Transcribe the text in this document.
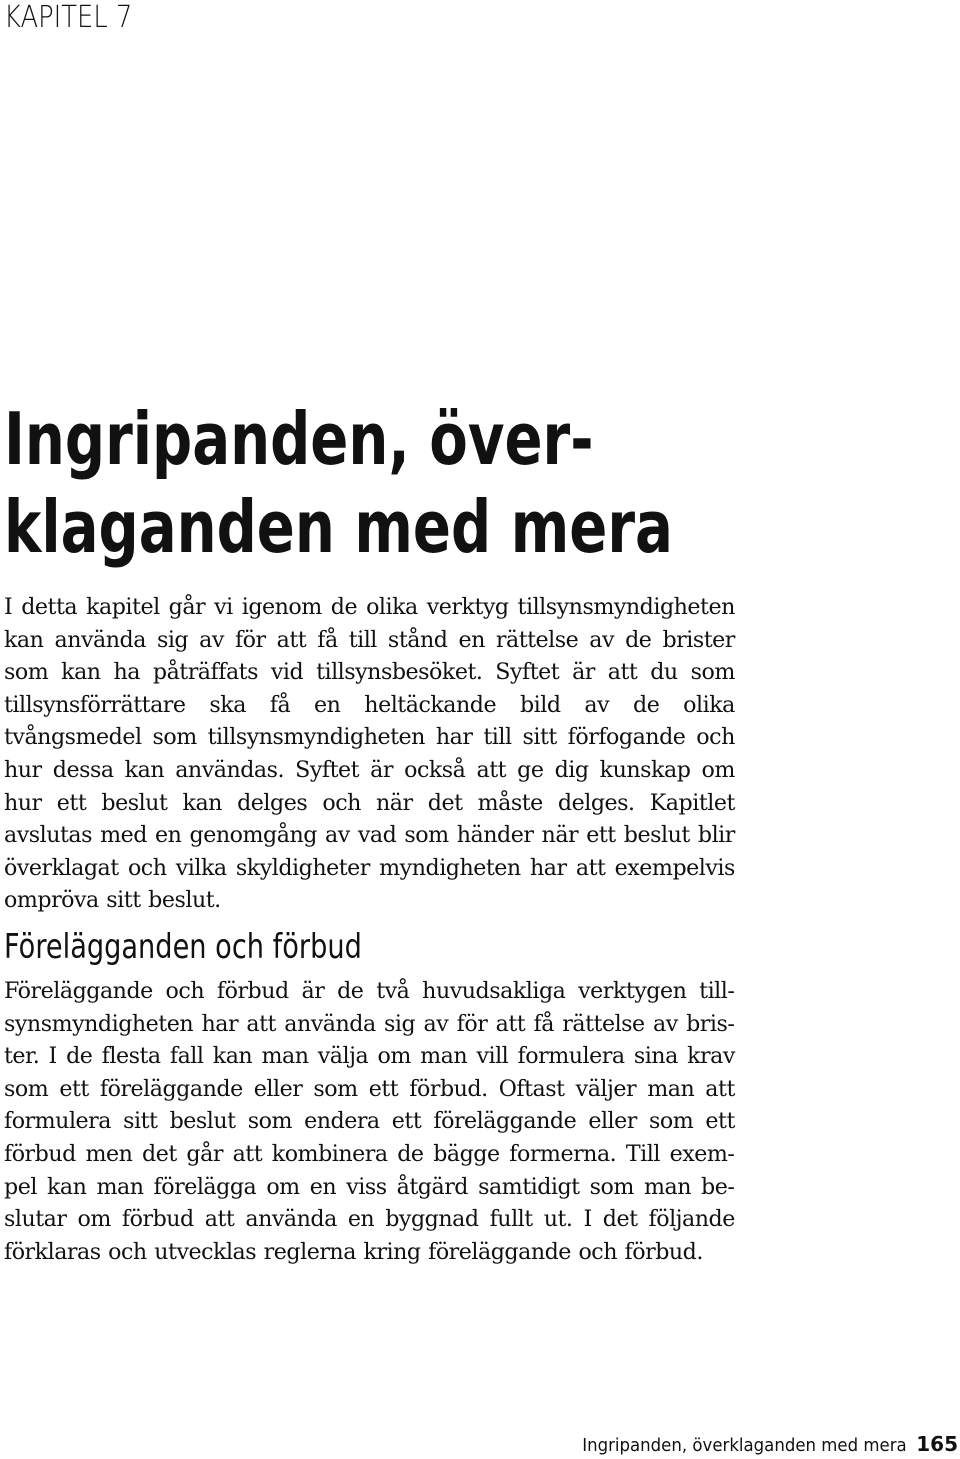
KAPITEL 7
Ingripanden, över-
klaganden med mera

I detta kapitel går vi igenom de olika verktyg tillsynsmyndigheten kan använda sig av för att få till stånd en rättelse av de brister som kan ha påträffats vid tillsynsbesöket. Syftet är att du som tillsynsförrättare ska få en heltäckande bild av de olika tvångsmedel som tillsynsmyndigheten har till sitt förfogande och hur dessa kan användas. Syftet är också att ge dig kunskap om hur ett beslut kan delges och när det måste delges. Kapitlet avslutas med en genomgång av vad som händer när ett beslut blir överklagat och vilka skyldigheter myndigheten har att exempelvis ompröva sitt beslut.

Förelägganden och förbud

Föreläggande och förbud är de två huvudsakliga verktygen tillsynsmyndigheten har att använda sig av för att få rättelse av brister. I de flesta fall kan man välja om man vill formulera sina krav som ett föreläggande eller som ett förbud. Oftast väljer man att formulera sitt beslut som endera ett föreläggande eller som ett förbud men det går att kombinera de bägge formerna. Till exempel kan man förelägga om en viss åtgärd samtidigt som man beslutar om förbud att använda en byggnad fullt ut. I det följande förklaras och utvecklas reglerna kring föreläggande och förbud.

Ingripanden, överklaganden med mera 165
